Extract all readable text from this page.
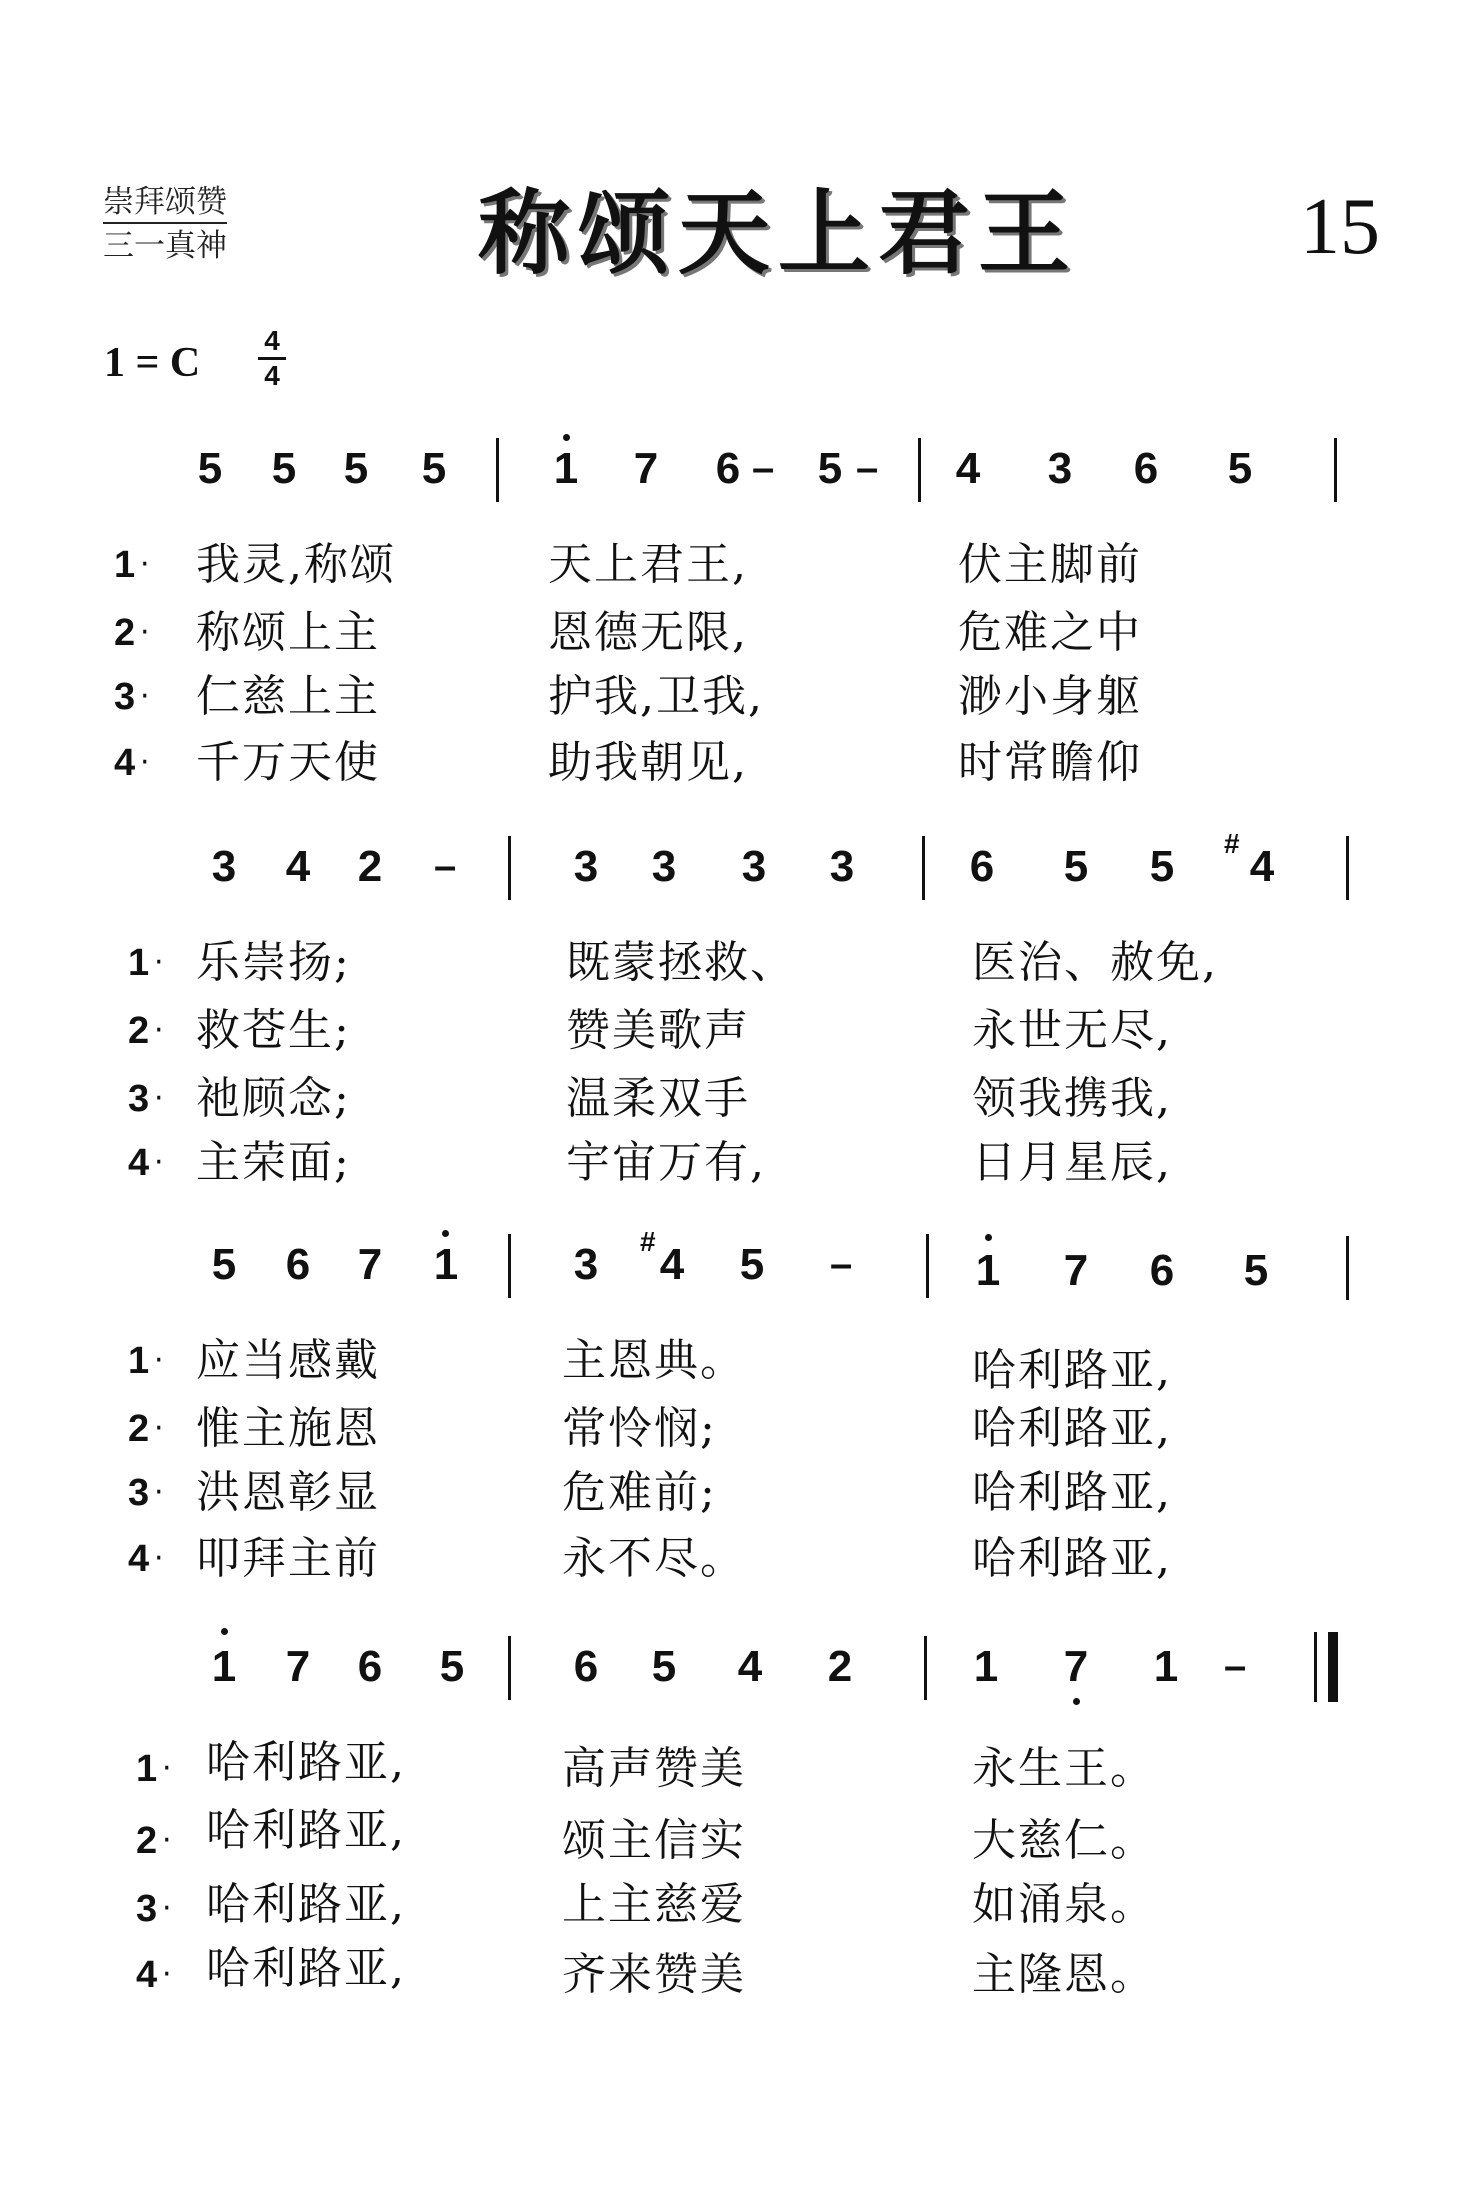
崇拜颂赞
三一真神	称颂天上君王	15
1 = C 4
4
5	5	5	5	1	7	6 – 5 –	4	3	6	5
1 · 我灵,称颂	天上君王,	伏主脚前
2 · 称颂上主	恩德无限,	危难之中
3 · 仁慈上主	护我,卫我,	渺小身躯
4 · 千万天使	助我朝见,	时常瞻仰
3	4	2	–	3	3	3	3	6	5	5	# 4
1 · 乐崇扬;	既蒙拯救、	医治、赦免,
2 · 救苍生;	赞美歌声	永世无尽,
3 · 祂顾念;	温柔双手	领我携我,
4 · 主荣面;	宇宙万有,	日月星辰,
5	6	7	1	3	# 4	5	–	1	7	6	5
1 · 应当感戴	主恩典。	哈利路亚,
2 · 惟主施恩	常怜悯;	哈利路亚,
3 · 洪恩彰显	危难前;	哈利路亚,
4 · 叩拜主前	永不尽。	哈利路亚,
1	7	6	5	6	5	4	2	1	7	1	–
1 · 哈利路亚,	高声赞美	永生王。
2 · 哈利路亚,	颂主信实	大慈仁。
3 · 哈利路亚,	上主慈爱	如涌泉。
4 · 哈利路亚,	齐来赞美	主隆恩。
